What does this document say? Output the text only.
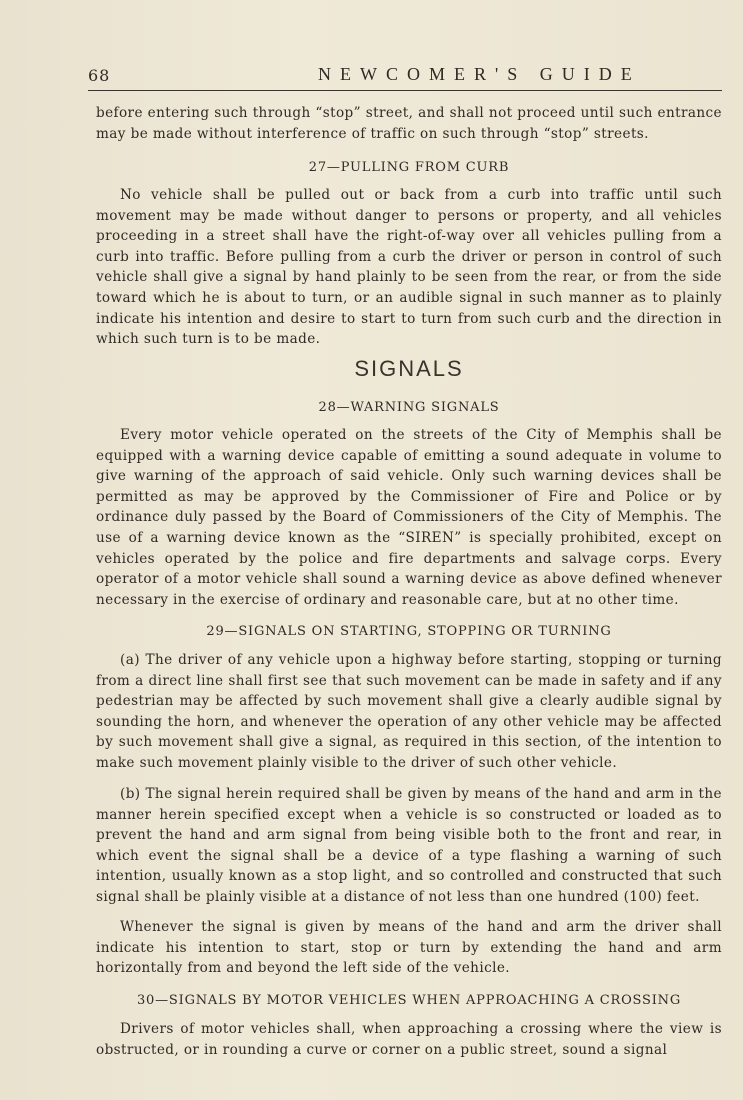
68	NEWCOMER'S GUIDE

before entering such through “stop” street, and shall not proceed until such entrance may be made without interference of traffic on such through “stop” streets.

27—PULLING FROM CURB

No vehicle shall be pulled out or back from a curb into traffic until such movement may be made without danger to persons or property, and all vehicles proceeding in a street shall have the right-of-way over all vehicles pulling from a curb into traffic. Before pulling from a curb the driver or person in control of such vehicle shall give a signal by hand plainly to be seen from the rear, or from the side toward which he is about to turn, or an audible signal in such manner as to plainly indicate his intention and desire to start to turn from such curb and the direction in which such turn is to be made.

SIGNALS
28—WARNING SIGNALS

Every motor vehicle operated on the streets of the City of Memphis shall be equipped with a warning device capable of emitting a sound adequate in volume to give warning of the approach of said vehicle. Only such warning devices shall be permitted as may be approved by the Commissioner of Fire and Police or by ordinance duly passed by the Board of Commissioners of the City of Memphis. The use of a warning device known as the “SIREN” is specially prohibited, except on vehicles operated by the police and fire departments and salvage corps. Every operator of a motor vehicle shall sound a warning device as above defined whenever necessary in the exercise of ordinary and reasonable care, but at no other time.

29—SIGNALS ON STARTING, STOPPING OR TURNING

(a) The driver of any vehicle upon a highway before starting, stopping or turning from a direct line shall first see that such movement can be made in safety and if any pedestrian may be affected by such movement shall give a clearly audible signal by sounding the horn, and whenever the operation of any other vehicle may be affected by such movement shall give a signal, as required in this section, of the intention to make such movement plainly visible to the driver of such other vehicle.

(b) The signal herein required shall be given by means of the hand and arm in the manner herein specified except when a vehicle is so constructed or loaded as to prevent the hand and arm signal from being visible both to the front and rear, in which event the signal shall be a device of a type flashing a warning of such intention, usually known as a stop light, and so controlled and constructed that such signal shall be plainly visible at a distance of not less than one hundred (100) feet.

Whenever the signal is given by means of the hand and arm the driver shall indicate his intention to start, stop or turn by extending the hand and arm horizontally from and beyond the left side of the vehicle.

30—SIGNALS BY MOTOR VEHICLES WHEN APPROACHING A CROSSING

Drivers of motor vehicles shall, when approaching a crossing where the view is obstructed, or in rounding a curve or corner on a public street, sound a signal
